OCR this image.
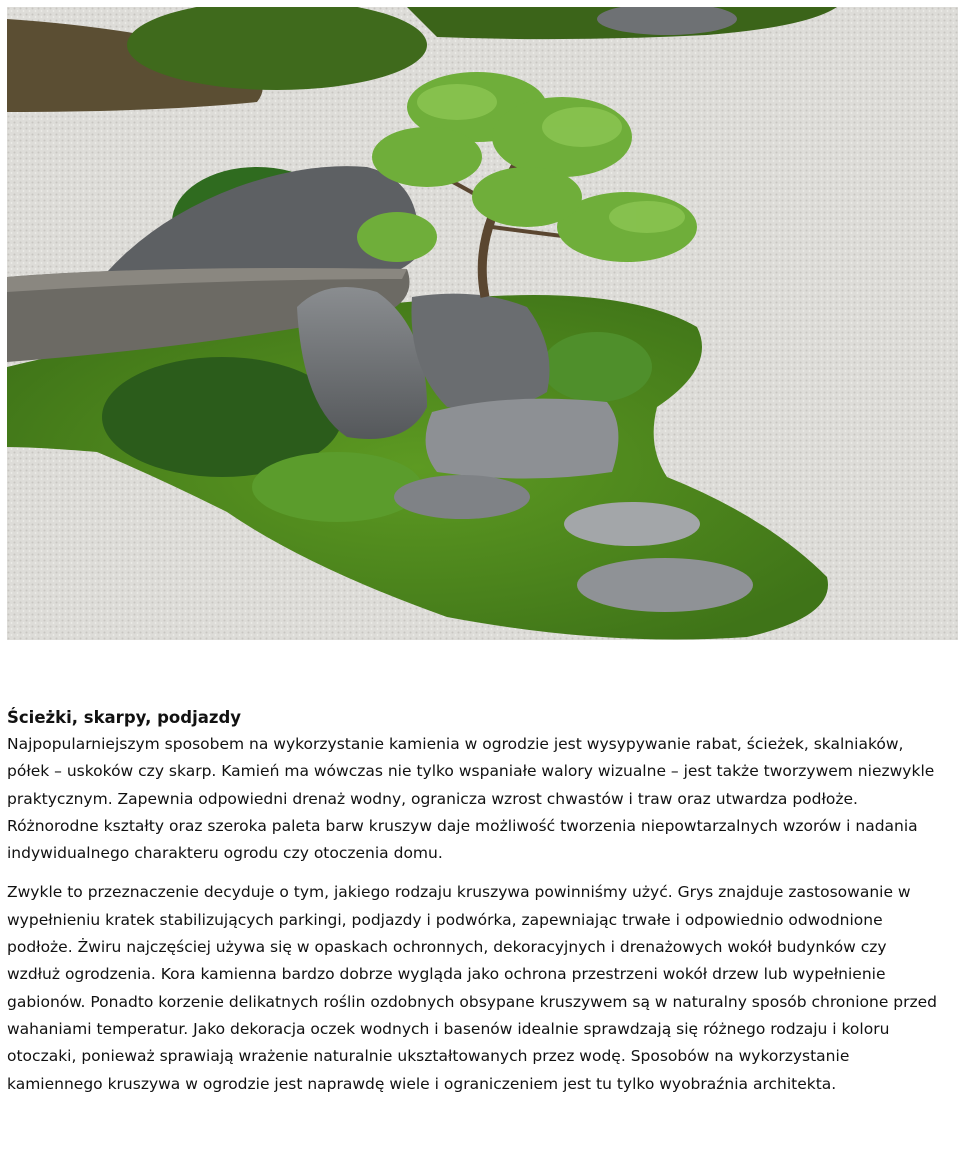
Ścieżki, skarpy, podjazdy

Najpopularniejszym sposobem na wykorzystanie kamienia w ogrodzie jest wysypywanie rabat, ścieżek, skalniaków, półek – uskoków czy skarp. Kamień ma wówczas nie tylko wspaniałe walory wizualne – jest także tworzywem niezwykle praktycznym. Zapewnia odpowiedni drenaż wodny, ogranicza wzrost chwastów i traw oraz utwardza podłoże. Różnorodne kształty oraz szeroka paleta barw kruszyw daje możliwość tworzenia niepowtarzalnych wzorów i nadania indywidualnego charakteru ogrodu czy otoczenia domu.

Zwykle to przeznaczenie decyduje o tym, jakiego rodzaju kruszywa powinniśmy użyć. Grys znajduje zastosowanie w wypełnieniu kratek stabilizujących parkingi, podjazdy i podwórka, zapewniając trwałe i odpowiednio odwodnione podłoże. Żwiru najczęściej używa się w opaskach ochronnych, dekoracyjnych i drenażowych wokół budynków czy wzdłuż ogrodzenia. Kora kamienna bardzo dobrze wygląda jako ochrona przestrzeni wokół drzew lub wypełnienie gabionów. Ponadto korzenie delikatnych roślin ozdobnych obsypane kruszywem są w naturalny sposób chronione przed wahaniami temperatur. Jako dekoracja oczek wodnych i basenów idealnie sprawdzają się różnego rodzaju i koloru otoczaki, ponieważ sprawiają wrażenie naturalnie ukształtowanych przez wodę. Sposobów na wykorzystanie kamiennego kruszywa w ogrodzie jest naprawdę wiele i ograniczeniem jest tu tylko wyobraźnia architekta.
